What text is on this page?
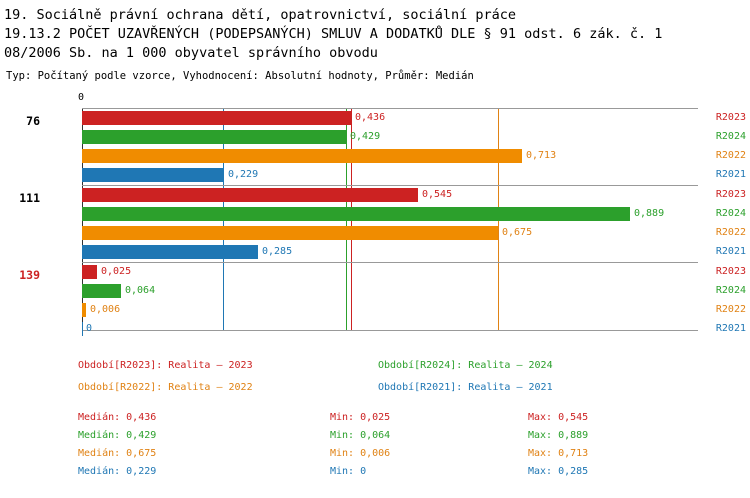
19. Sociálně právní ochrana dětí, opatrovnictví, sociální práce
19.13.2 POČET UZAVŘENÝCH (PODEPSANÝCH) SMLUV A DODATKŮ DLE § 91 odst. 6 zák. č. 1
08/2006 Sb. na 1 000 obyvatel správního obvodu
Typ: Počítaný podle vzorce, Vyhodnocení: Absolutní hodnoty, Průměr: Medián
0
76	R2023
0,436
R2024
0,429
R2022
0,713
R2021
0,229
111	R2023
0,545
R2024
0,889
R2022
0,675
R2021
0,285
139	R2023
0,025
R2024
0,064
R2022
0,006
R2021
0
Období[R2023]: Realita – 2023	Období[R2024]: Realita – 2024
Období[R2022]: Realita – 2022	Období[R2021]: Realita – 2021
Medián: 0,436	Min: 0,025	Max: 0,545
Medián: 0,429	Min: 0,064	Max: 0,889
Medián: 0,675	Min: 0,006	Max: 0,713
Medián: 0,229	Min: 0	Max: 0,285
